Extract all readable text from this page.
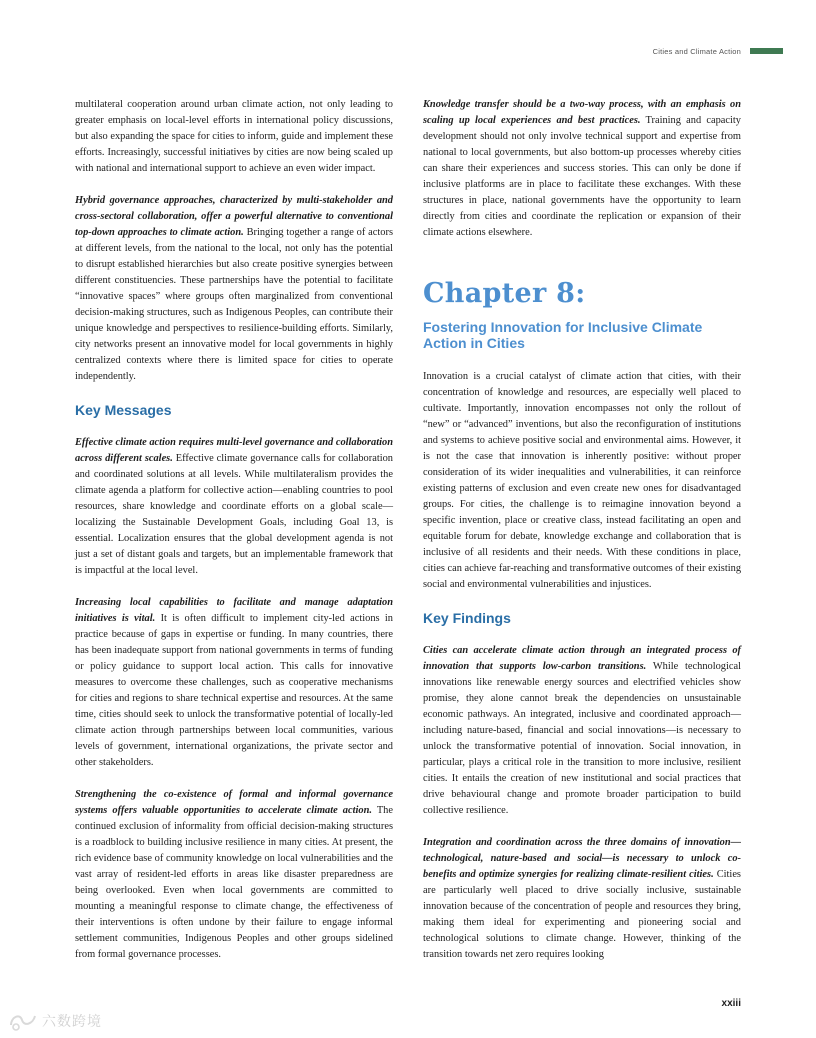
Cities and Climate Action

multilateral cooperation around urban climate action, not only leading to greater emphasis on local-level efforts in international policy discussions, but also expanding the space for cities to inform, guide and implement these efforts. Increasingly, successful initiatives by cities are now being scaled up with national and international support to achieve an even wider impact.

Hybrid governance approaches, characterized by multi-stakeholder and cross-sectoral collaboration, offer a powerful alternative to conventional top-down approaches to climate action. Bringing together a range of actors at different levels, from the national to the local, not only has the potential to disrupt established hierarchies but also create positive synergies between different constituencies. These partnerships have the potential to facilitate “innovative spaces” where groups often marginalized from conventional decision-making structures, such as Indigenous Peoples, can contribute their unique knowledge and perspectives to resilience-building efforts. Similarly, city networks present an innovative model for local governments in highly centralized contexts where there is limited space for cities to operate independently.

Key Messages

Effective climate action requires multi-level governance and collaboration across different scales. Effective climate governance calls for collaboration and coordinated solutions at all levels. While multilateralism provides the climate agenda a platform for collective action—enabling countries to pool resources, share knowledge and coordinate efforts on a global scale—localizing the Sustainable Development Goals, including Goal 13, is essential. Localization ensures that the global development agenda is not just a set of distant goals and targets, but an implementable framework that is impactful at the local level.

Increasing local capabilities to facilitate and manage adaptation initiatives is vital. It is often difficult to implement city-led actions in practice because of gaps in expertise or funding. In many countries, there has been inadequate support from national governments in terms of funding or policy guidance to support local action. This calls for innovative measures to overcome these challenges, such as cooperative mechanisms for cities and regions to share technical expertise and resources. At the same time, cities should seek to unlock the transformative potential of locally-led climate action through partnerships between local communities, various levels of government, international organizations, the private sector and other stakeholders.

Strengthening the co-existence of formal and informal governance systems offers valuable opportunities to accelerate climate action. The continued exclusion of informality from official decision-making structures is a roadblock to building inclusive resilience in many cities. At present, the rich evidence base of community knowledge on local vulnerabilities and the vast array of resident-led efforts in areas like disaster preparedness are being overlooked. Even when local governments are committed to mounting a meaningful response to climate change, the effectiveness of their interventions is often undone by their failure to engage informal settlement communities, Indigenous Peoples and other groups sidelined from formal governance processes.

Knowledge transfer should be a two-way process, with an emphasis on scaling up local experiences and best practices. Training and capacity development should not only involve technical support and expertise from national to local governments, but also bottom-up processes whereby cities can share their experiences and success stories. This can only be done if inclusive platforms are in place to facilitate these exchanges. With these structures in place, national governments have the opportunity to learn directly from cities and coordinate the replication or expansion of their climate actions elsewhere.

Chapter 8:
Fostering Innovation for Inclusive Climate Action in Cities

Innovation is a crucial catalyst of climate action that cities, with their concentration of knowledge and resources, are especially well placed to cultivate. Importantly, innovation encompasses not only the rollout of “new” or “advanced” inventions, but also the reconfiguration of institutions and systems to achieve positive social and environmental aims. However, it is not the case that innovation is inherently positive: without proper consideration of its wider inequalities and vulnerabilities, it can reinforce existing patterns of exclusion and even create new ones for disadvantaged groups. For cities, the challenge is to reimagine innovation beyond a specific invention, place or creative class, instead facilitating an open and equitable forum for debate, knowledge exchange and collaboration that is inclusive of all residents and their needs. With these conditions in place, cities can achieve far-reaching and transformative outcomes of their existing social and environmental vulnerabilities and injustices.

Key Findings

Cities can accelerate climate action through an integrated process of innovation that supports low-carbon transitions. While technological innovations like renewable energy sources and electrified vehicles show promise, they alone cannot break the dependencies on unsustainable economic pathways. An integrated, inclusive and coordinated approach—including nature-based, financial and social innovations—is necessary to unlock the transformative potential of innovation. Social innovation, in particular, plays a critical role in the transition to more inclusive, resilient cities. It entails the creation of new institutional and social practices that drive behavioural change and promote broader participation to build collective resilience.

Integration and coordination across the three domains of innovation—technological, nature-based and social—is necessary to unlock co-benefits and optimize synergies for realizing climate-resilient cities. Cities are particularly well placed to drive socially inclusive, sustainable innovation because of the concentration of people and resources they bring, making them ideal for experimenting and pioneering social and technological solutions to climate change. However, thinking of the transition towards net zero requires looking

xxiii
六数跨境
